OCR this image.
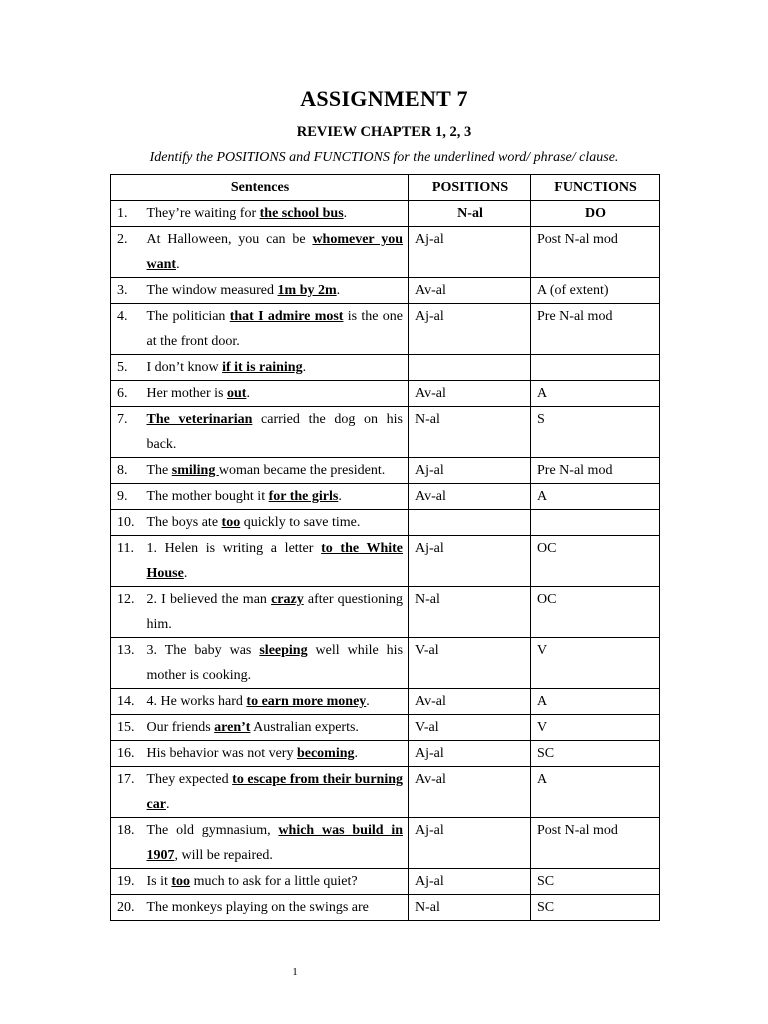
ASSIGNMENT 7
REVIEW CHAPTER 1, 2, 3
Identify the POSITIONS and FUNCTIONS for the underlined word/ phrase/ clause.
Sentences		POSITIONS	FUNCTIONS
1.	They’re waiting for the school bus.	N-al	DO
2.	At Halloween, you can be whomever you want.	Aj-al	Post N-al mod
3.	The window measured 1m by 2m.	Av-al	A (of extent)
4.	The politician that I admire most is the one at the front door.	Aj-al	Pre N-al mod
5.	I don’t know if it is raining.		
6.	Her mother is out.	Av-al	A
7.	The veterinarian carried the dog on his back.	N-al	S
8.	The smiling woman became the president.	Aj-al	Pre N-al mod
9.	The mother bought it for the girls.	Av-al	A
10.	The boys ate too quickly to save time.		
11.	1. Helen is writing a letter to the White House.	Aj-al	OC
12.	2. I believed the man crazy after questioning him.	N-al	OC
13.	3. The baby was sleeping well while his mother is cooking.	V-al	V
14.	4. He works hard to earn more money.	Av-al	A
15.	Our friends aren’t Australian experts.	V-al	V
16.	His behavior was not very becoming.	Aj-al	SC
17.	They expected to escape from their burning car.	Av-al	A
18.	The old gymnasium, which was build in 1907, will be repaired.	Aj-al	Post N-al mod
19.	Is it too much to ask for a little quiet?	Aj-al	SC
20.	The monkeys playing on the swings are	N-al	SC
1
